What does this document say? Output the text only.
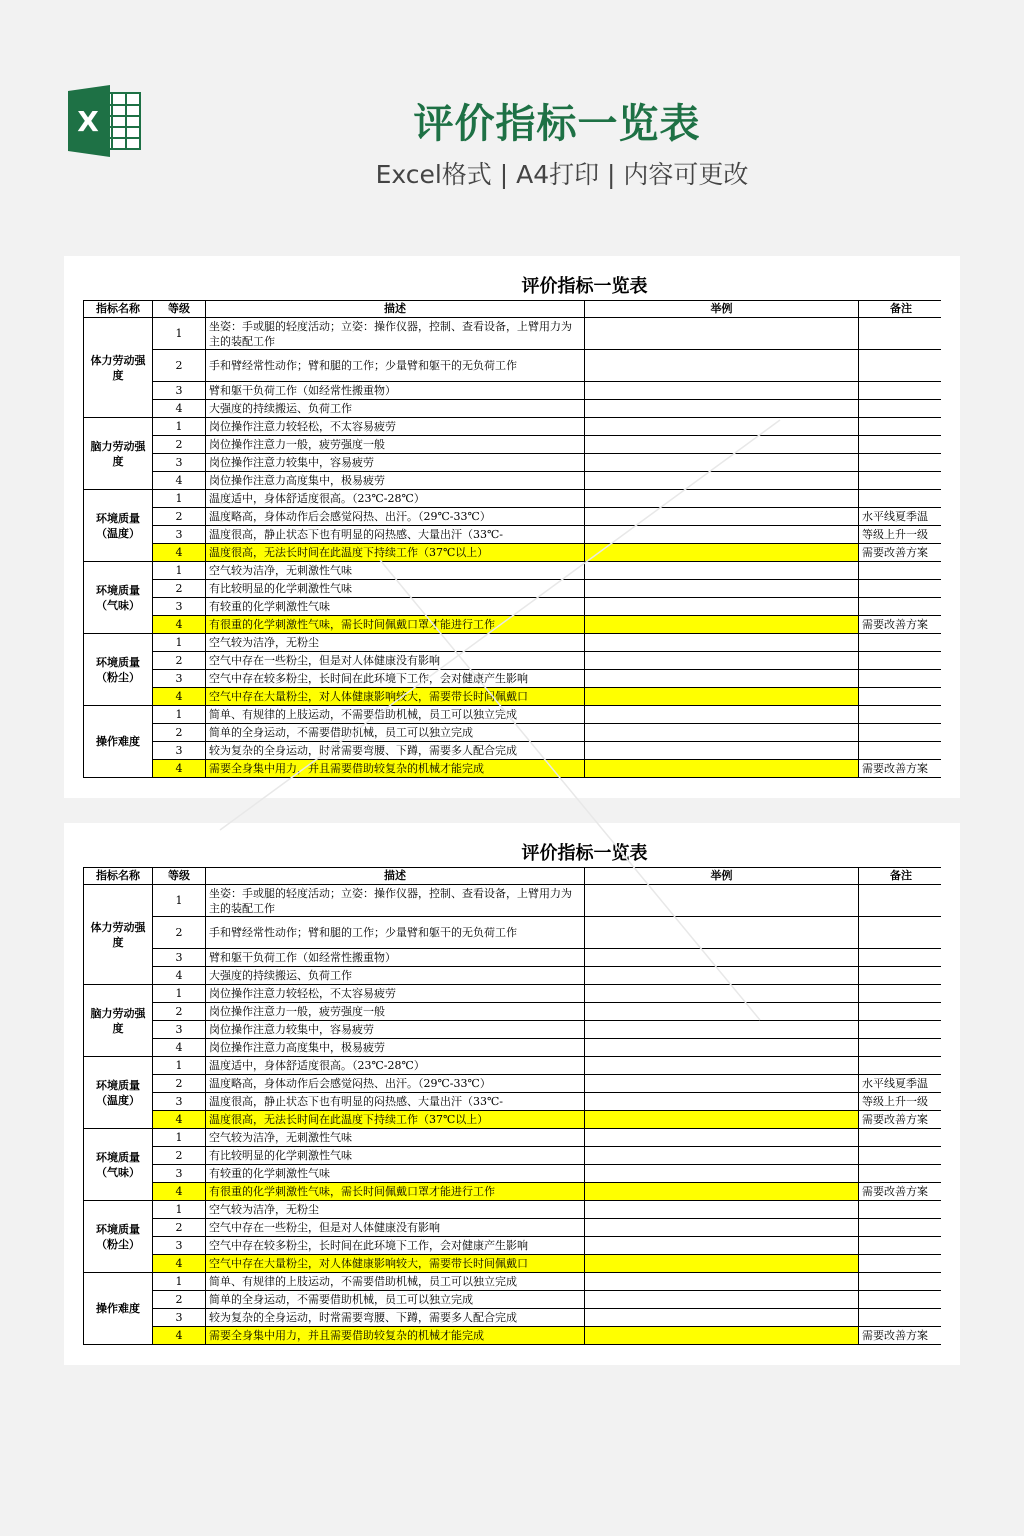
X	评价指标一览表
Excel格式 | A4打印 | 内容可更改
评价指标一览表
指标名称	等级	描述	举例	备注
体力劳动强度	1	坐姿：手或腿的轻度活动；立姿：操作仪器，控制、查看设备，上臂用力为主的装配工作		
	2	手和臂经常性动作；臂和腿的工作；少量臂和躯干的无负荷工作		
	3	臂和躯干负荷工作（如经常性搬重物）		
	4	大强度的持续搬运、负荷工作		
脑力劳动强度	1	岗位操作注意力较轻松，不太容易疲劳		
	2	岗位操作注意力一般，疲劳强度一般		
	3	岗位操作注意力较集中，容易疲劳		
	4	岗位操作注意力高度集中，极易疲劳		
环境质量（温度）	1	温度适中，身体舒适度很高。（23℃-28℃）		
	2	温度略高，身体动作后会感觉闷热、出汗。（29℃-33℃）		水平线夏季温
	3	温度很高，静止状态下也有明显的闷热感、大量出汗（33℃-		等级上升一级
	4	温度很高，无法长时间在此温度下持续工作（37℃以上）		需要改善方案
环境质量（气味）	1	空气较为洁净，无刺激性气味		
	2	有比较明显的化学刺激性气味		
	3	有较重的化学刺激性气味		
	4	有很重的化学刺激性气味，需长时间佩戴口罩才能进行工作		需要改善方案
环境质量（粉尘）	1	空气较为洁净，无粉尘		
	2	空气中存在一些粉尘，但是对人体健康没有影响		
	3	空气中存在较多粉尘，长时间在此环境下工作，会对健康产生影响		
	4	空气中存在大量粉尘，对人体健康影响较大，需要带长时间佩戴口		
操作难度	1	简单、有规律的上肢运动，不需要借助机械，员工可以独立完成		
	2	简单的全身运动，不需要借助机械，员工可以独立完成		
	3	较为复杂的全身运动，时常需要弯腰、下蹲，需要多人配合完成		
	4	需要全身集中用力，并且需要借助较复杂的机械才能完成		需要改善方案
评价指标一览表
指标名称	等级	描述	举例	备注
体力劳动强度	1	坐姿：手或腿的轻度活动；立姿：操作仪器，控制、查看设备，上臂用力为主的装配工作		
	2	手和臂经常性动作；臂和腿的工作；少量臂和躯干的无负荷工作		
	3	臂和躯干负荷工作（如经常性搬重物）		
	4	大强度的持续搬运、负荷工作		
脑力劳动强度	1	岗位操作注意力较轻松，不太容易疲劳		
	2	岗位操作注意力一般，疲劳强度一般		
	3	岗位操作注意力较集中，容易疲劳		
	4	岗位操作注意力高度集中，极易疲劳		
环境质量（温度）	1	温度适中，身体舒适度很高。（23℃-28℃）		
	2	温度略高，身体动作后会感觉闷热、出汗。（29℃-33℃）		水平线夏季温
	3	温度很高，静止状态下也有明显的闷热感、大量出汗（33℃-		等级上升一级
	4	温度很高，无法长时间在此温度下持续工作（37℃以上）		需要改善方案
环境质量（气味）	1	空气较为洁净，无刺激性气味		
	2	有比较明显的化学刺激性气味		
	3	有较重的化学刺激性气味		
	4	有很重的化学刺激性气味，需长时间佩戴口罩才能进行工作		需要改善方案
环境质量（粉尘）	1	空气较为洁净，无粉尘		
	2	空气中存在一些粉尘，但是对人体健康没有影响		
	3	空气中存在较多粉尘，长时间在此环境下工作，会对健康产生影响		
	4	空气中存在大量粉尘，对人体健康影响较大，需要带长时间佩戴口		
操作难度	1	简单、有规律的上肢运动，不需要借助机械，员工可以独立完成		
	2	简单的全身运动，不需要借助机械，员工可以独立完成		
	3	较为复杂的全身运动，时常需要弯腰、下蹲，需要多人配合完成		
	4	需要全身集中用力，并且需要借助较复杂的机械才能完成		需要改善方案
